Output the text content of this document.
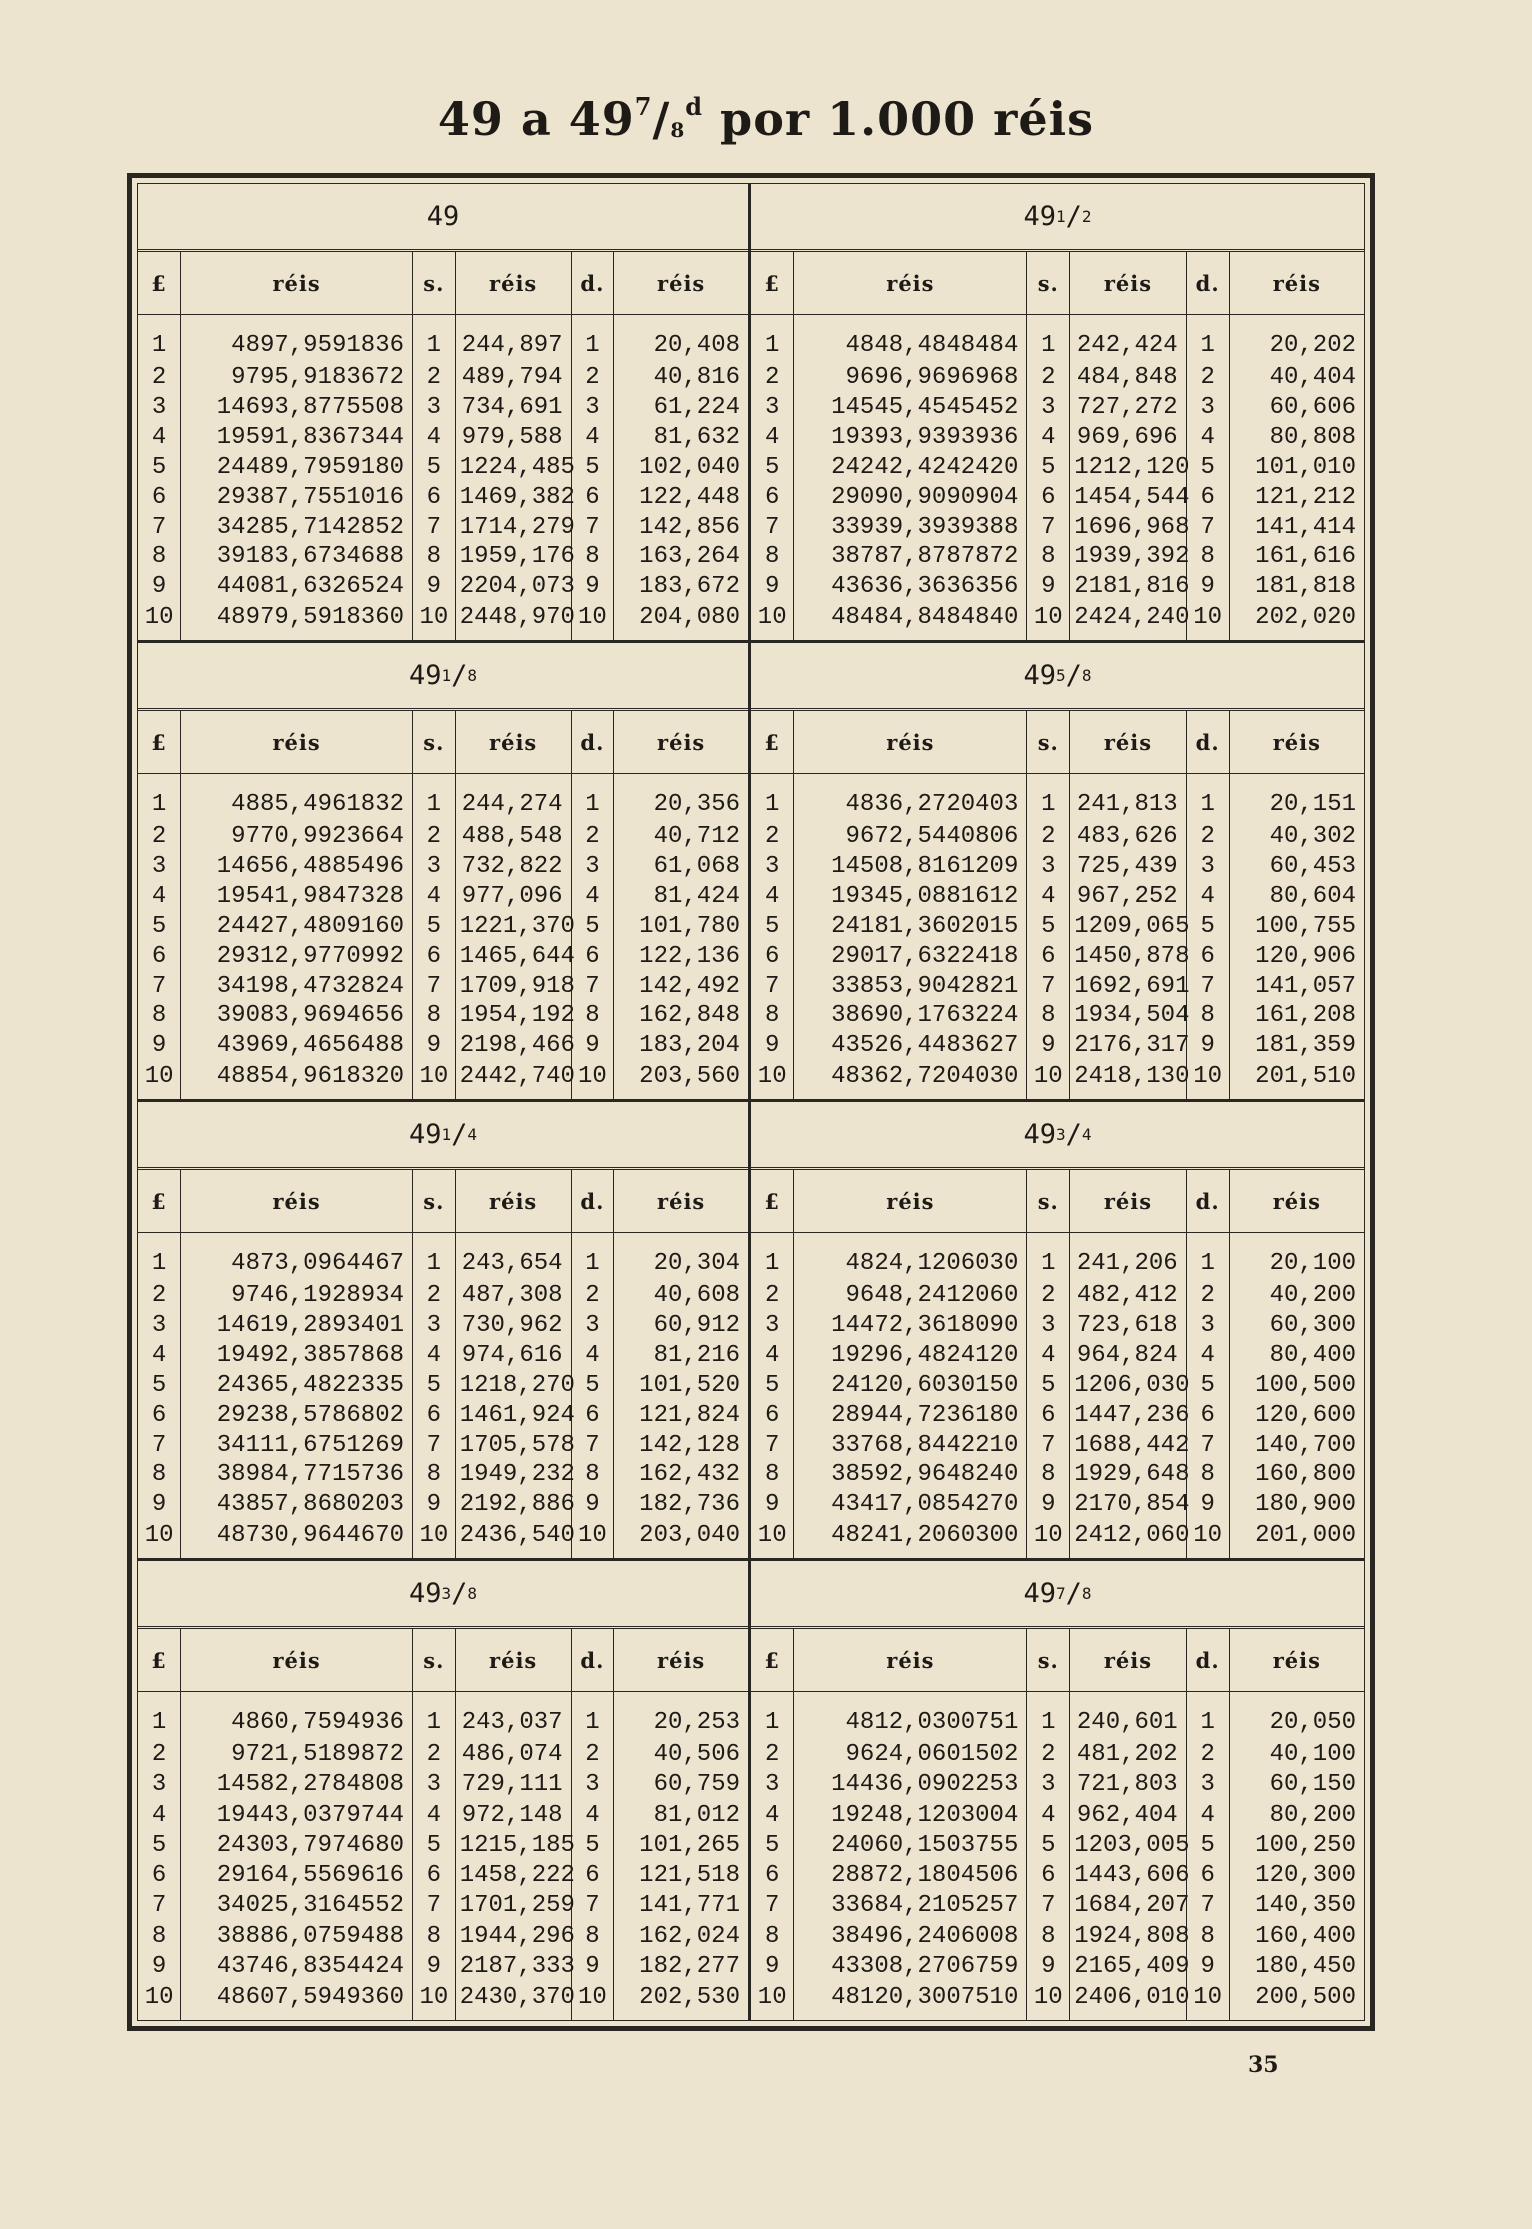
49 a $49^7/_8^d$ por 1.000 réis
49
£	réis	s.	réis	d.	réis
1	4897,9591836	1	244,897	1	20,408
2	9795,9183672	2	489,794	2	40,816
3	14693,8775508	3	734,691	3	61,224
4	19591,8367344	4	979,588	4	81,632
5	24489,7959180	5	1224,485	5	102,040
6	29387,7551016	6	1469,382	6	122,448
7	34285,7142852	7	1714,279	7	142,856
8	39183,6734688	8	1959,176	8	163,264
9	44081,6326524	9	2204,073	9	183,672
10	48979,5918360	10	2448,970	10	204,080
49 1 / 2
£	réis	s.	réis	d.	réis
1	4848,4848484	1	242,424	1	20,202
2	9696,9696968	2	484,848	2	40,404
3	14545,4545452	3	727,272	3	60,606
4	19393,9393936	4	969,696	4	80,808
5	24242,4242420	5	1212,120	5	101,010
6	29090,9090904	6	1454,544	6	121,212
7	33939,3939388	7	1696,968	7	141,414
8	38787,8787872	8	1939,392	8	161,616
9	43636,3636356	9	2181,816	9	181,818
10	48484,8484840	10	2424,240	10	202,020
49 1 / 8
£	réis	s.	réis	d.	réis
1	4885,4961832	1	244,274	1	20,356
2	9770,9923664	2	488,548	2	40,712
3	14656,4885496	3	732,822	3	61,068
4	19541,9847328	4	977,096	4	81,424
5	24427,4809160	5	1221,370	5	101,780
6	29312,9770992	6	1465,644	6	122,136
7	34198,4732824	7	1709,918	7	142,492
8	39083,9694656	8	1954,192	8	162,848
9	43969,4656488	9	2198,466	9	183,204
10	48854,9618320	10	2442,740	10	203,560
49 5 / 8
£	réis	s.	réis	d.	réis
1	4836,2720403	1	241,813	1	20,151
2	9672,5440806	2	483,626	2	40,302
3	14508,8161209	3	725,439	3	60,453
4	19345,0881612	4	967,252	4	80,604
5	24181,3602015	5	1209,065	5	100,755
6	29017,6322418	6	1450,878	6	120,906
7	33853,9042821	7	1692,691	7	141,057
8	38690,1763224	8	1934,504	8	161,208
9	43526,4483627	9	2176,317	9	181,359
10	48362,7204030	10	2418,130	10	201,510
49 1 / 4
£	réis	s.	réis	d.	réis
1	4873,0964467	1	243,654	1	20,304
2	9746,1928934	2	487,308	2	40,608
3	14619,2893401	3	730,962	3	60,912
4	19492,3857868	4	974,616	4	81,216
5	24365,4822335	5	1218,270	5	101,520
6	29238,5786802	6	1461,924	6	121,824
7	34111,6751269	7	1705,578	7	142,128
8	38984,7715736	8	1949,232	8	162,432
9	43857,8680203	9	2192,886	9	182,736
10	48730,9644670	10	2436,540	10	203,040
49 3 / 4
£	réis	s.	réis	d.	réis
1	4824,1206030	1	241,206	1	20,100
2	9648,2412060	2	482,412	2	40,200
3	14472,3618090	3	723,618	3	60,300
4	19296,4824120	4	964,824	4	80,400
5	24120,6030150	5	1206,030	5	100,500
6	28944,7236180	6	1447,236	6	120,600
7	33768,8442210	7	1688,442	7	140,700
8	38592,9648240	8	1929,648	8	160,800
9	43417,0854270	9	2170,854	9	180,900
10	48241,2060300	10	2412,060	10	201,000
49 3 / 8
£	réis	s.	réis	d.	réis
1	4860,7594936	1	243,037	1	20,253
2	9721,5189872	2	486,074	2	40,506
3	14582,2784808	3	729,111	3	60,759
4	19443,0379744	4	972,148	4	81,012
5	24303,7974680	5	1215,185	5	101,265
6	29164,5569616	6	1458,222	6	121,518
7	34025,3164552	7	1701,259	7	141,771
8	38886,0759488	8	1944,296	8	162,024
9	43746,8354424	9	2187,333	9	182,277
10	48607,5949360	10	2430,370	10	202,530
49 7 / 8
£	réis	s.	réis	d.	réis
1	4812,0300751	1	240,601	1	20,050
2	9624,0601502	2	481,202	2	40,100
3	14436,0902253	3	721,803	3	60,150
4	19248,1203004	4	962,404	4	80,200
5	24060,1503755	5	1203,005	5	100,250
6	28872,1804506	6	1443,606	6	120,300
7	33684,2105257	7	1684,207	7	140,350
8	38496,2406008	8	1924,808	8	160,400
9	43308,2706759	9	2165,409	9	180,450
10	48120,3007510	10	2406,010	10	200,500
35
